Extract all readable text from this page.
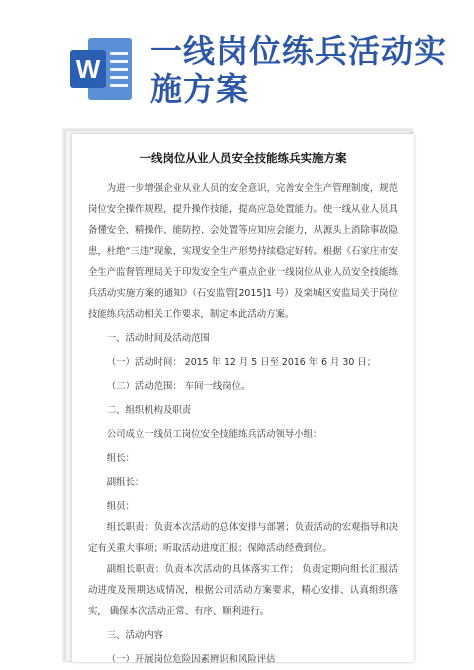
W 一线岗位练兵活动实施方案
一线岗位从业人员安全技能练兵实施方案

为进一步增强企业从业人员的安全意识，完善安全生产管理制度，规范岗位安全操作规程，提升操作技能，提高应急处置能力。使一线从业人员具备懂安全、精操作、能防控、会处置等应知应会能力，从源头上消除事故隐患，杜绝“三违”现象，实现安全生产形势持续稳定好转。根据《石家庄市安全生产监督管理局关于印发安全生产重点企业一线岗位从业人员安全技能练兵活动实施方案的通知》（石安监管[2015]1 号）及栾城区安监局关于岗位技能练兵活动相关工作要求，制定本此活动方案。

一、活动时间及活动范围

（一）活动时间： 2015 年 12 月 5 日至 2016 年 6 月 30 日；

（二）活动范围： 车间一线岗位。

二、组织机构及职责

公司成立一线员工岗位安全技能练兵活动领导小组：

组长：

副组长：

组员：

组长职责：负责本次活动的总体安排与部署；负责活动的宏观指导和决定有关重大事项；听取活动进度汇报；保障活动经费到位。

副组长职责：负责本次活动的具体落实工作； 负责定期向组长汇报活动进度及预期达成情况，根据公司活动方案要求，精心安排、认真组织落实， 确保本次活动正常、有序、顺利进行。

三、活动内容

（一）开展岗位危险因素辨识和风险评估
